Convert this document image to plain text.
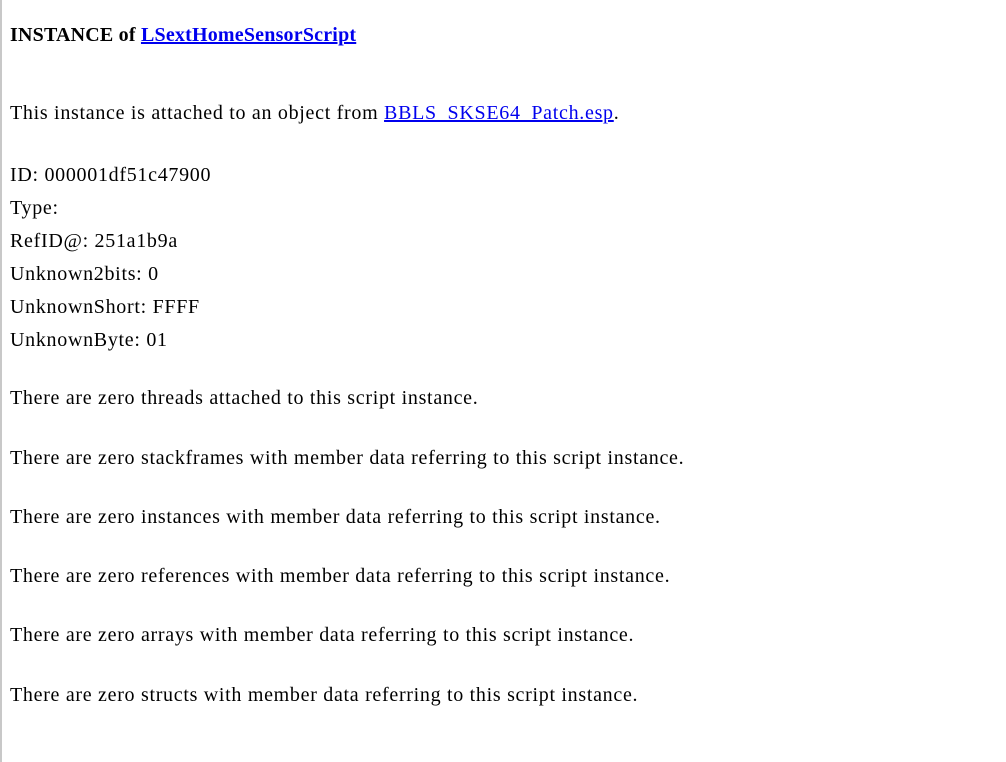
INSTANCE of LSextHomeSensorScript
This instance is attached to an object from BBLS_SKSE64_Patch.esp.
ID: 000001df51c47900
Type:
RefID@: 251a1b9a
Unknown2bits: 0
UnknownShort: FFFF
UnknownByte: 01
There are zero threads attached to this script instance.
There are zero stackframes with member data referring to this script instance.
There are zero instances with member data referring to this script instance.
There are zero references with member data referring to this script instance.
There are zero arrays with member data referring to this script instance.
There are zero structs with member data referring to this script instance.
